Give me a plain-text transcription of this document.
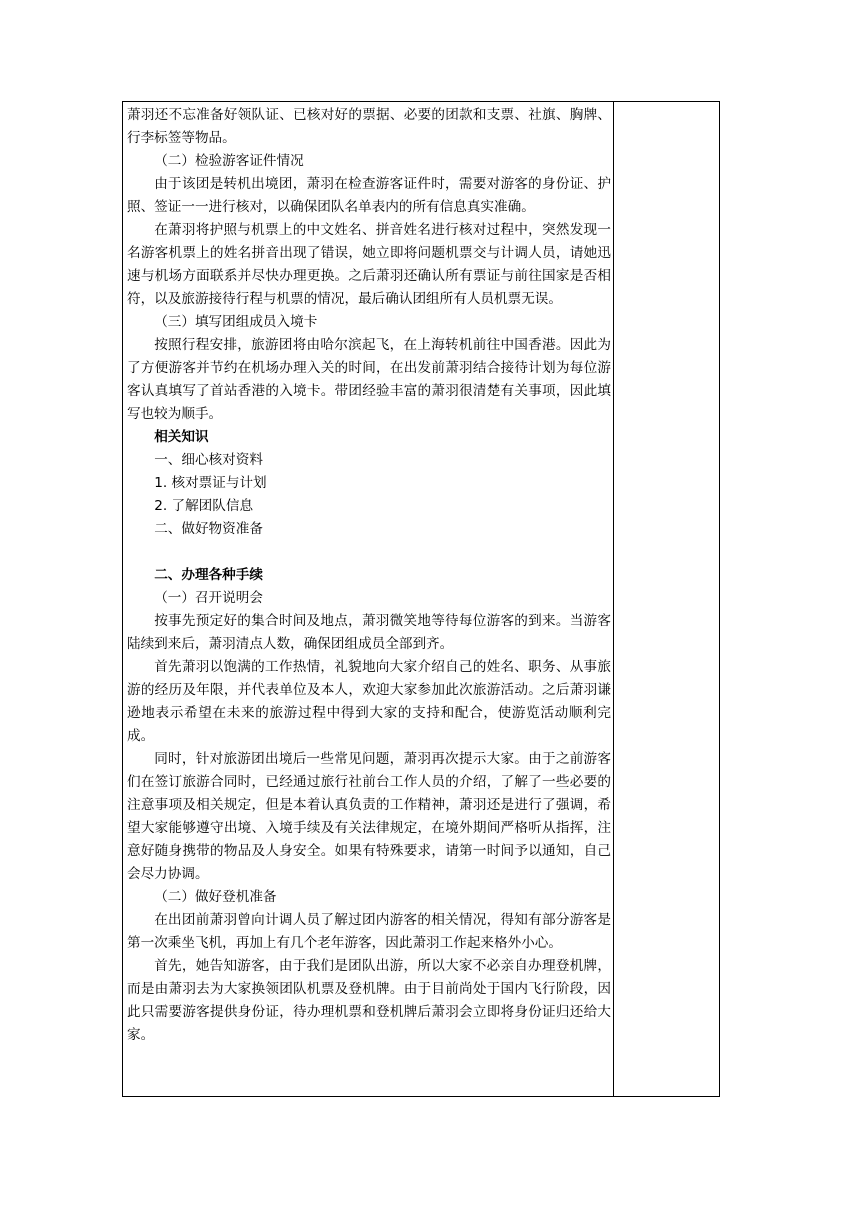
萧羽还不忘准备好领队证、已核对好的票据、必要的团款和支票、社旗、胸牌、行李标签等物品。

（二）检验游客证件情况

由于该团是转机出境团，萧羽在检查游客证件时，需要对游客的身份证、护照、签证一一进行核对，以确保团队名单表内的所有信息真实准确。

在萧羽将护照与机票上的中文姓名、拼音姓名进行核对过程中，突然发现一名游客机票上的姓名拼音出现了错误，她立即将问题机票交与计调人员，请她迅速与机场方面联系并尽快办理更换。之后萧羽还确认所有票证与前往国家是否相符，以及旅游接待行程与机票的情况，最后确认团组所有人员机票无误。

（三）填写团组成员入境卡

按照行程安排，旅游团将由哈尔滨起飞，在上海转机前往中国香港。因此为了方便游客并节约在机场办理入关的时间，在出发前萧羽结合接待计划为每位游客认真填写了首站香港的入境卡。带团经验丰富的萧羽很清楚有关事项，因此填写也较为顺手。

相关知识

一、细心核对资料

1. 核对票证与计划

2. 了解团队信息

二、做好物资准备

二、办理各种手续

（一）召开说明会

按事先预定好的集合时间及地点，萧羽微笑地等待每位游客的到来。当游客陆续到来后，萧羽清点人数，确保团组成员全部到齐。

首先萧羽以饱满的工作热情，礼貌地向大家介绍自己的姓名、职务、从事旅游的经历及年限，并代表单位及本人，欢迎大家参加此次旅游活动。之后萧羽谦逊地表示希望在未来的旅游过程中得到大家的支持和配合，使游览活动顺利完成。

同时，针对旅游团出境后一些常见问题，萧羽再次提示大家。由于之前游客们在签订旅游合同时，已经通过旅行社前台工作人员的介绍，了解了一些必要的注意事项及相关规定，但是本着认真负责的工作精神，萧羽还是进行了强调，希望大家能够遵守出境、入境手续及有关法律规定，在境外期间严格听从指挥，注意好随身携带的物品及人身安全。如果有特殊要求，请第一时间予以通知，自己会尽力协调。

（二）做好登机准备

在出团前萧羽曾向计调人员了解过团内游客的相关情况，得知有部分游客是第一次乘坐飞机，再加上有几个老年游客，因此萧羽工作起来格外小心。

首先，她告知游客，由于我们是团队出游，所以大家不必亲自办理登机牌，而是由萧羽去为大家换领团队机票及登机牌。由于目前尚处于国内飞行阶段，因此只需要游客提供身份证，待办理机票和登机牌后萧羽会立即将身份证归还给大家。
